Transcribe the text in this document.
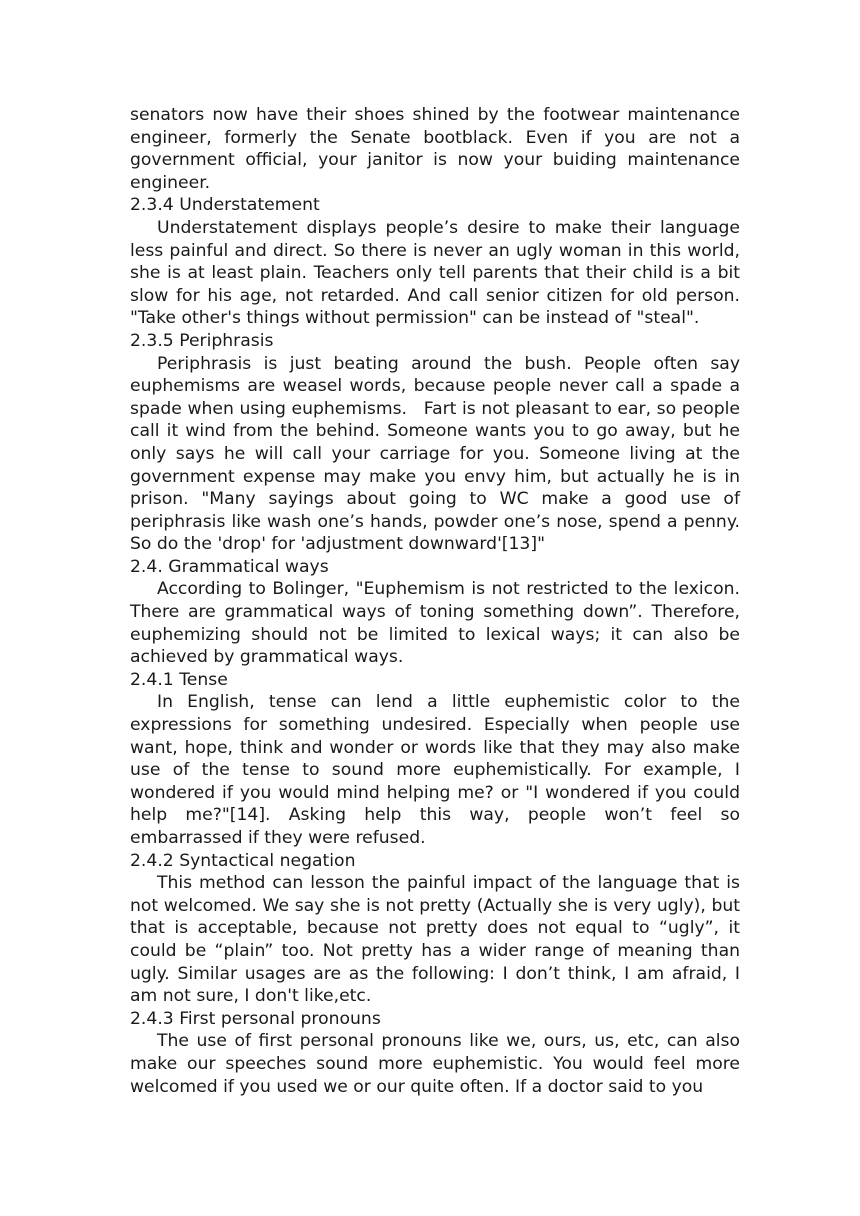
senators now have their shoes shined by the footwear maintenance engineer, formerly the Senate bootblack. Even if you are not a government official, your janitor is now your buiding maintenance engineer.

2.3.4 Understatement

Understatement displays people’s desire to make their language less painful and direct. So there is never an ugly woman in this world, she is at least plain. Teachers only tell parents that their child is a bit slow for his age, not retarded. And call senior citizen for old person. "Take other's things without permission" can be instead of "steal".

2.3.5 Periphrasis

Periphrasis is just beating around the bush. People often say euphemisms are weasel words, because people never call a spade a spade when using euphemisms.   Fart is not pleasant to ear, so people call it wind from the behind. Someone wants you to go away, but he only says he will call your carriage for you. Someone living at the government expense may make you envy him, but actually he is in prison. "Many sayings about going to WC make a good use of periphrasis like wash one’s hands, powder one’s nose, spend a penny. So do the 'drop' for 'adjustment downward'[13]"

2.4. Grammatical ways

According to Bolinger, "Euphemism is not restricted to the lexicon. There are grammatical ways of toning something down”. Therefore, euphemizing should not be limited to lexical ways; it can also be achieved by grammatical ways.

2.4.1 Tense

In English, tense can lend a little euphemistic color to the expressions for something undesired. Especially when people use want, hope, think and wonder or words like that they may also make use of the tense to sound more euphemistically. For example, I wondered if you would mind helping me? or "I wondered if you could help me?"[14]. Asking help this way, people won’t feel so embarrassed if they were refused.

2.4.2 Syntactical negation

This method can lesson the painful impact of the language that is not welcomed. We say she is not pretty (Actually she is very ugly), but that is acceptable, because not pretty does not equal to “ugly”, it could be “plain” too. Not pretty has a wider range of meaning than ugly. Similar usages are as the following: I don’t think, I am afraid, I am not sure, I don't like,etc.

2.4.3 First personal pronouns

The use of first personal pronouns like we, ours, us, etc, can also make our speeches sound more euphemistic. You would feel more welcomed if you used we or our quite often. If a doctor said to you
